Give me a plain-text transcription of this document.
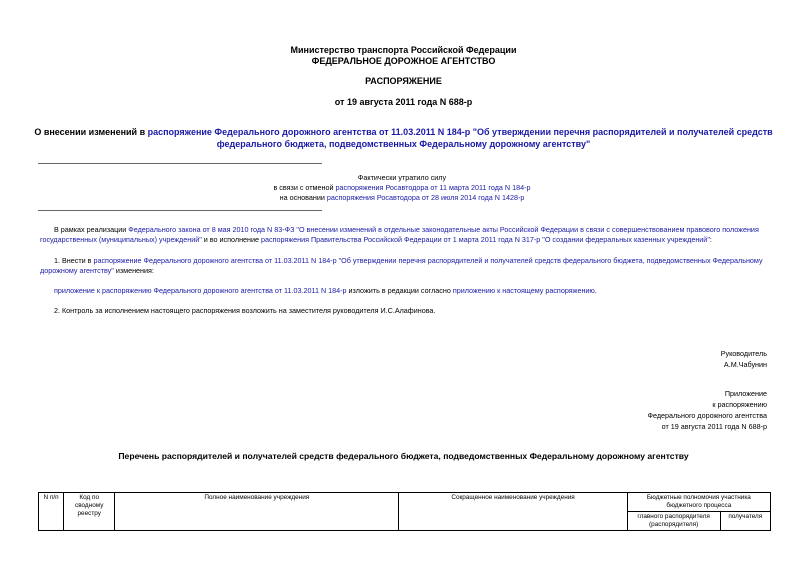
Министерство транспорта Российской Федерации
ФЕДЕРАЛЬНОЕ ДОРОЖНОЕ АГЕНТСТВО
РАСПОРЯЖЕНИЕ
от 19 августа 2011 года N 688-р
О внесении изменений в распоряжение Федерального дорожного агентства от 11.03.2011 N 184-р "Об утверждении перечня распорядителей и получателей средств федерального бюджета, подведомственных Федеральному дорожному агентству"
Фактически утратило силу
в связи с отменой распоряжения Росавтодора от 11 марта 2011 года N 184-р
на основании распоряжения Росавтодора от 28 июля 2014 года N 1428-р
В рамках реализации Федерального закона от 8 мая 2010 года N 83-ФЗ "О внесении изменений в отдельные законодательные акты Российской Федерации в связи с совершенствованием правового положения государственных (муниципальных) учреждений" и во исполнение распоряжения Правительства Российской Федерации от 1 марта 2011 года N 317-р "О создании федеральных казенных учреждений":
1. Внести в распоряжение Федерального дорожного агентства от 11.03.2011 N 184-р "Об утверждении перечня распорядителей и получателей средств федерального бюджета, подведомственных Федеральному дорожному агентству" изменения:
приложение к распоряжению Федерального дорожного агентства от 11.03.2011 N 184-р изложить в редакции согласно приложению к настоящему распоряжению.
2. Контроль за исполнением настоящего распоряжения возложить на заместителя руководителя И.С.Алафинова.
Руководитель
А.М.Чабунин
Приложение
к распоряжению
Федерального дорожного агентства
от 19 августа 2011 года N 688-р
Перечень распорядителей и получателей средств федерального бюджета, подведомственных Федеральному дорожному агентству
N п/п	Код по сводному реестру	Полное наименование учреждения	Сокращенное наименование учреждения	Бюджетные полномочия участника бюджетного процесса	
				главного распорядителя (распорядителя)	получателя
